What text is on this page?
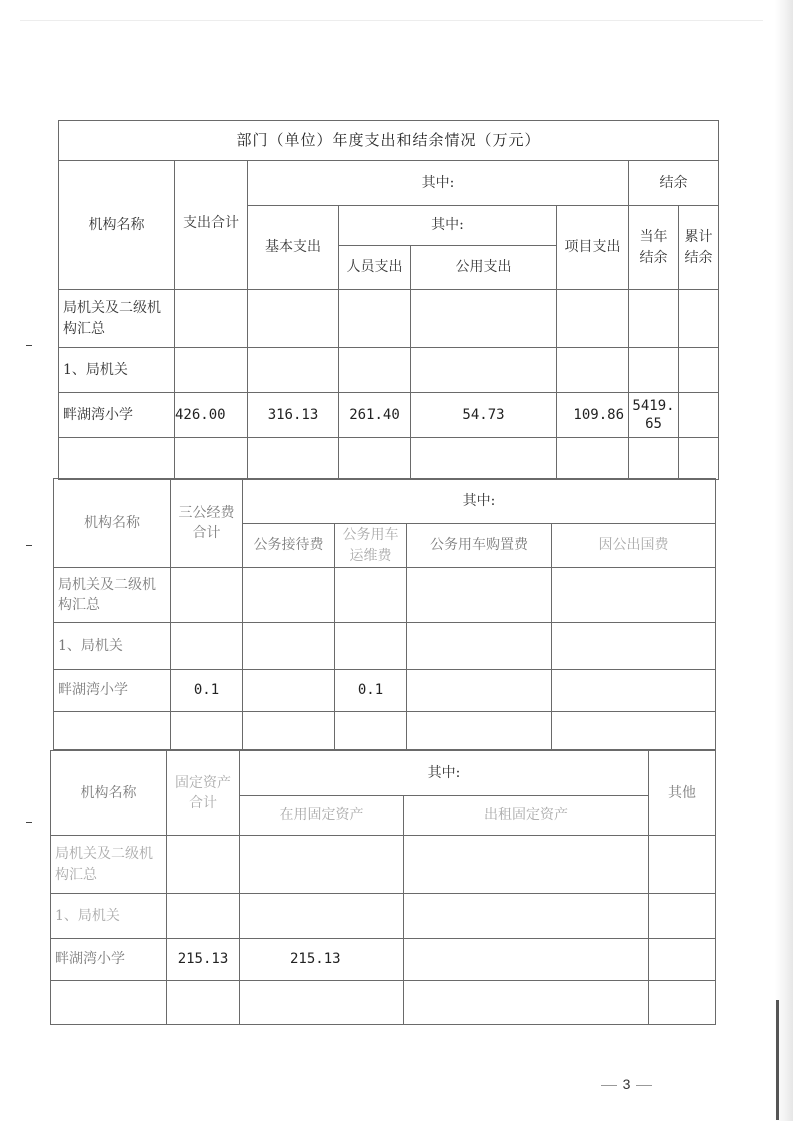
部门（单位）年度支出和结余情况（万元）							
机构名称	支出合计	其中:				结余	
		基本支出	其中:		项目支出	当年结余	累计结余
			人员支出	公用支出			
局机关及二级机构汇总							
1、局机关							
畔湖湾小学	426.00	316.13	261.40	54.73	109.86	5419.65	

机构名称	三公经费合计	其中:			
		公务接待费	公务用车运维费	公务用车购置费	因公出国费
局机关及二级机构汇总					
1、局机关					
畔湖湾小学	0.1		0.1		

机构名称	固定资产合计	其中:		其他
		在用固定资产	出租固定资产	
局机关及二级机构汇总				
1、局机关				
畔湖湾小学	215.13	215.13		

3
